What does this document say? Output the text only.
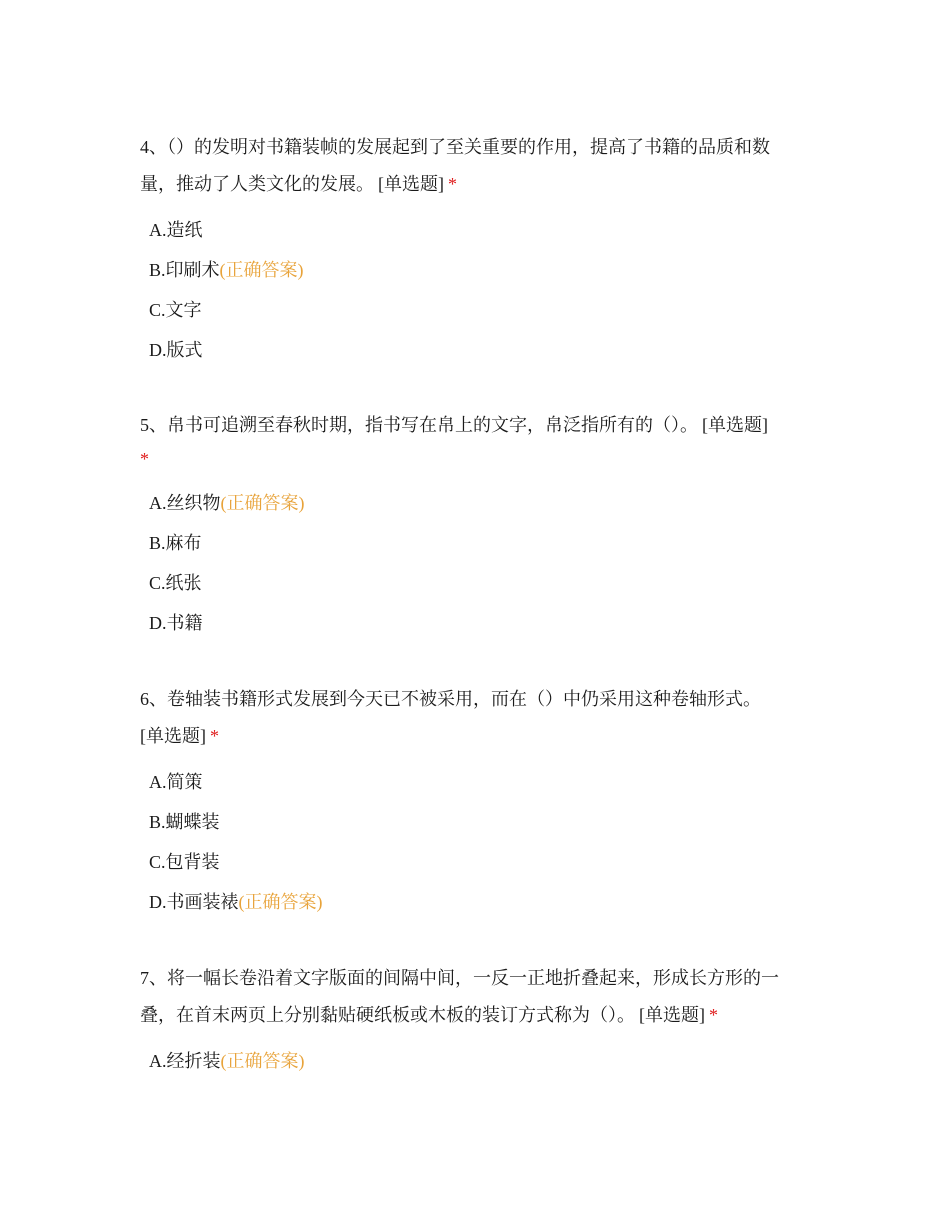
4、（）的发明对书籍装帧的发展起到了至关重要的作用，提高了书籍的品质和数量，推动了人类文化的发展。 [单选题] *

A.造纸
B.印刷术(正确答案)
C.文字
D.版式

5、帛书可追溯至春秋时期，指书写在帛上的文字，帛泛指所有的（）。 [单选题]
*

A.丝织物(正确答案)
B.麻布
C.纸张
D.书籍

6、卷轴装书籍形式发展到今天已不被采用，而在（）中仍采用这种卷轴形式。
[单选题] *

A.简策
B.蝴蝶装
C.包背装
D.书画装裱(正确答案)

7、将一幅长卷沿着文字版面的间隔中间，一反一正地折叠起来，形成长方形的一叠，在首末两页上分别黏贴硬纸板或木板的装订方式称为（）。 [单选题] *

A.经折装(正确答案)
